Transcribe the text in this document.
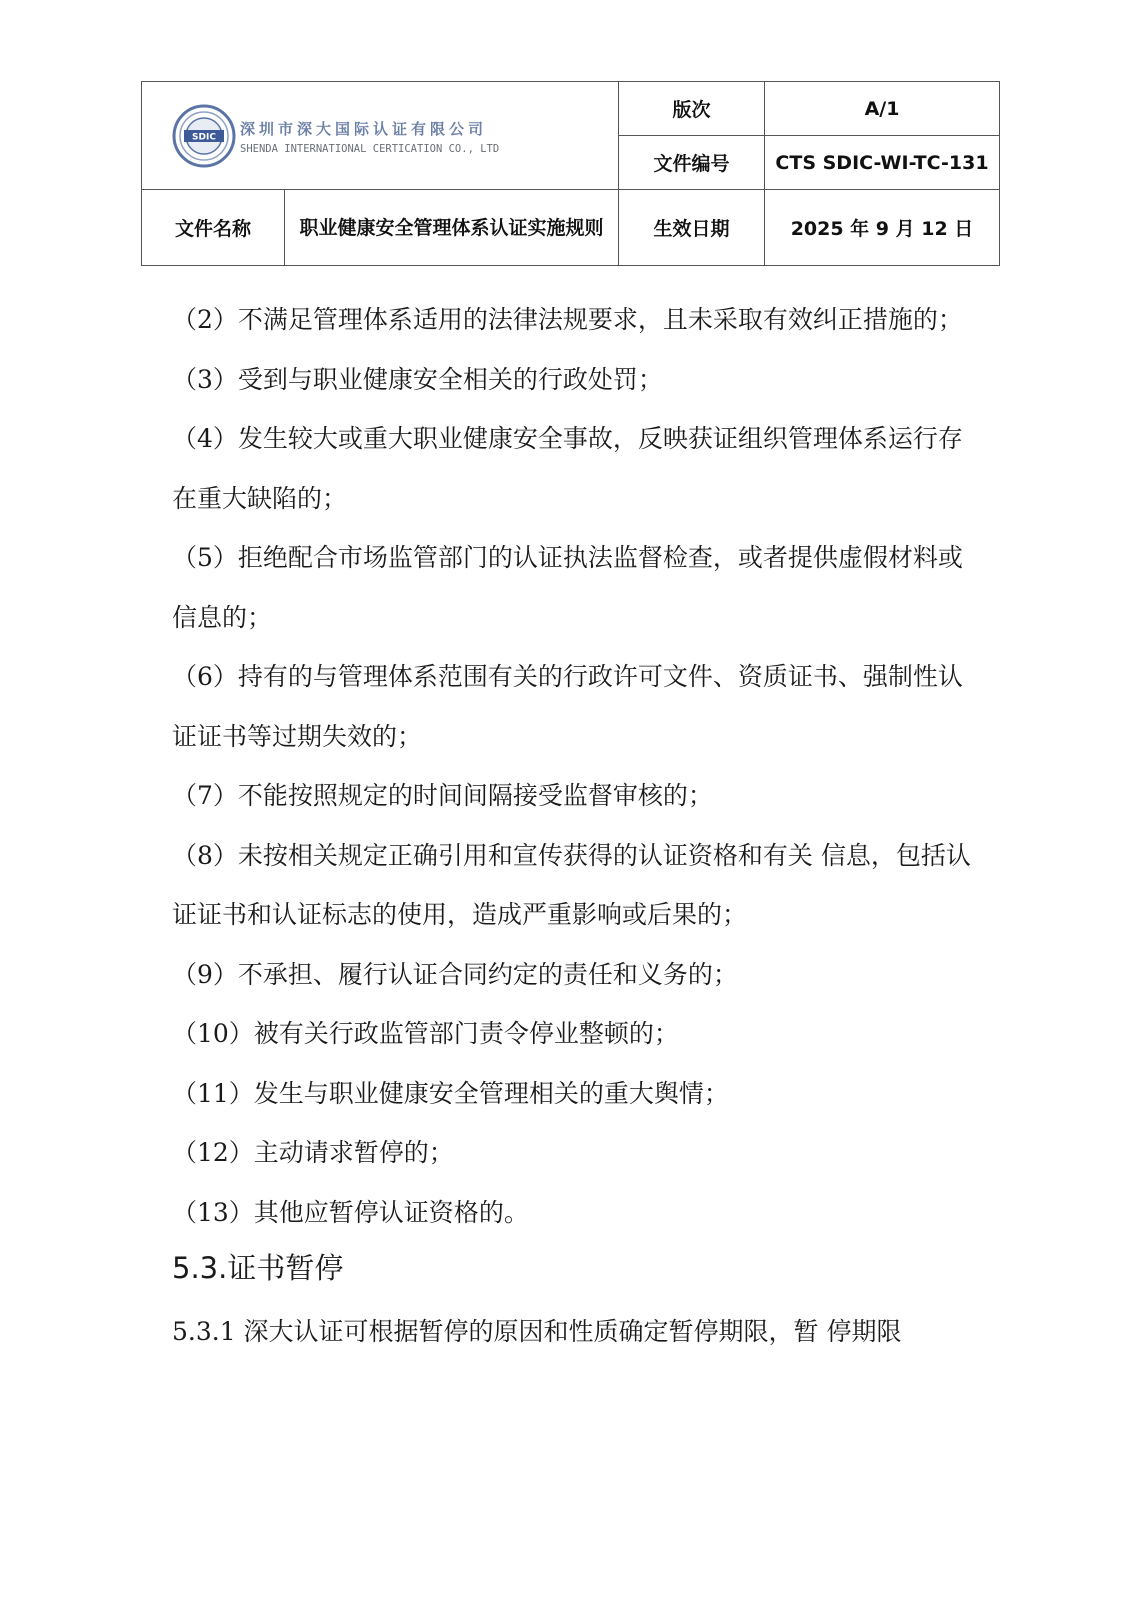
SDIC 深圳市深大国际认证有限公司
SHENDA INTERNATIONAL CERTICATION CO., LTD		版次	A/1
		文件编号	CTS SDIC-WI-TC-131
文件名称	职业健康安全管理体系认证实施规则	生效日期	2025 年 9 月 12 日

（2）不满足管理体系适用的法律法规要求，且未采取有效纠正措施的；

（3）受到与职业健康安全相关的行政处罚；

（4）发生较大或重大职业健康安全事故，反映获证组织管理体系运行存 在重大缺陷的；

（5）拒绝配合市场监管部门的认证执法监督检查，或者提供虚假材料或信息的；

（6）持有的与管理体系范围有关的行政许可文件、资质证书、强制性认证证书等过期失效的；

（7）不能按照规定的时间间隔接受监督审核的；

（8）未按相关规定正确引用和宣传获得的认证资格和有关 信息，包括认证证书和认证标志的使用，造成严重影响或后果的；

（9）不承担、履行认证合同约定的责任和义务的；

（10）被有关行政监管部门责令停业整顿的；

（11）发生与职业健康安全管理相关的重大舆情；

（12）主动请求暂停的；

（13）其他应暂停认证资格的。

5.3.证书暂停

5.3.1 深大认证可根据暂停的原因和性质确定暂停期限，暂 停期限
